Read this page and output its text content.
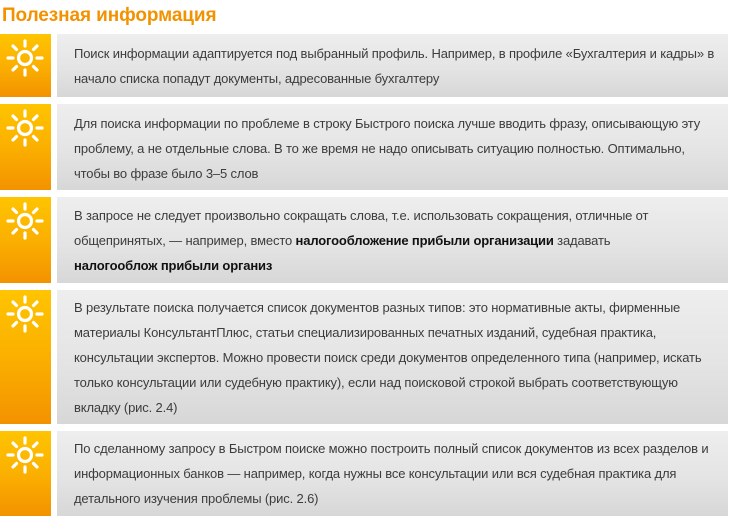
Полезная информация
Поиск информации адаптируется под выбранный профиль. Например, в профиле «Бухгалтерия и кадры» в начало списка попадут документы, адресованные бухгалтеру
Для поиска информации по проблеме в строку Быстрого поиска лучше вводить фразу, описывающую эту проблему, а не отдельные слова. В то же время не надо описывать ситуацию полностью. Оптимально, чтобы во фразе было 3–5 слов
В запросе не следует произвольно сокращать слова, т.е. использовать сокращения, отличные от общепринятых, — например, вместо налогообложение прибыли организации задавать
налогооблож прибыли организ
В результате поиска получается список документов разных типов: это нормативные акты, фирменные материалы КонсультантПлюс, статьи специализированных печатных изданий, судебная практика, консультации экспертов. Можно провести поиск среди документов определенного типа (например, искать только консультации или судебную практику), если над поисковой строкой выбрать соответствующую вкладку (рис. 2.4)
По сделанному запросу в Быстром поиске можно построить полный список документов из всех разделов и информационных банков — например, когда нужны все консультации или вся судебная практика для детального изучения проблемы (рис. 2.6)
